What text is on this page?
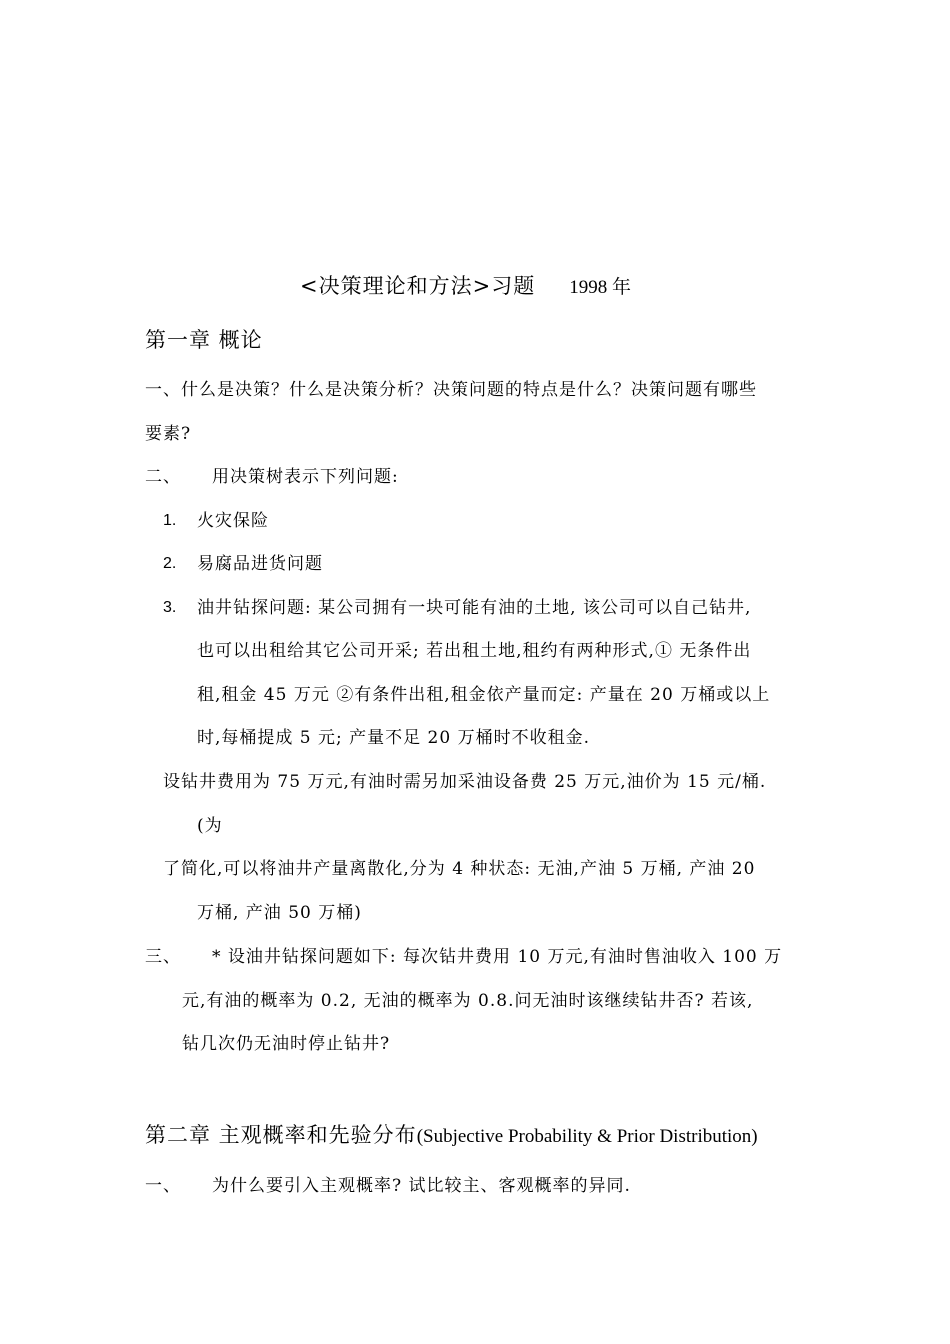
<决策理论和方法>习题 1998 年
第一章 概论
一、什么是决策？什么是决策分析？决策问题的特点是什么？决策问题有哪些
要素?
二、 用决策树表示下列问题:
1. 火灾保险
2. 易腐品进货问题
3. 油井钻探问题: 某公司拥有一块可能有油的土地, 该公司可以自己钻井,
也可以出租给其它公司开采; 若出租土地,租约有两种形式,① 无条件出
租,租金 45 万元 ②有条件出租,租金依产量而定: 产量在 20 万桶或以上
时,每桶提成 5 元; 产量不足 20 万桶时不收租金.
设钻井费用为 75 万元,有油时需另加采油设备费 25 万元,油价为 15 元/桶.
(为
了简化,可以将油井产量离散化,分为 4 种状态: 无油,产油 5 万桶, 产油 20
万桶, 产油 50 万桶)
三、 * 设油井钻探问题如下: 每次钻井费用 10 万元,有油时售油收入 100 万
元,有油的概率为 0.2, 无油的概率为 0.8.问无油时该继续钻井否? 若该,
钻几次仍无油时停止钻井?
第二章 主观概率和先验分布(Subjective Probability & Prior Distribution)
一、 为什么要引入主观概率? 试比较主、客观概率的异同.
